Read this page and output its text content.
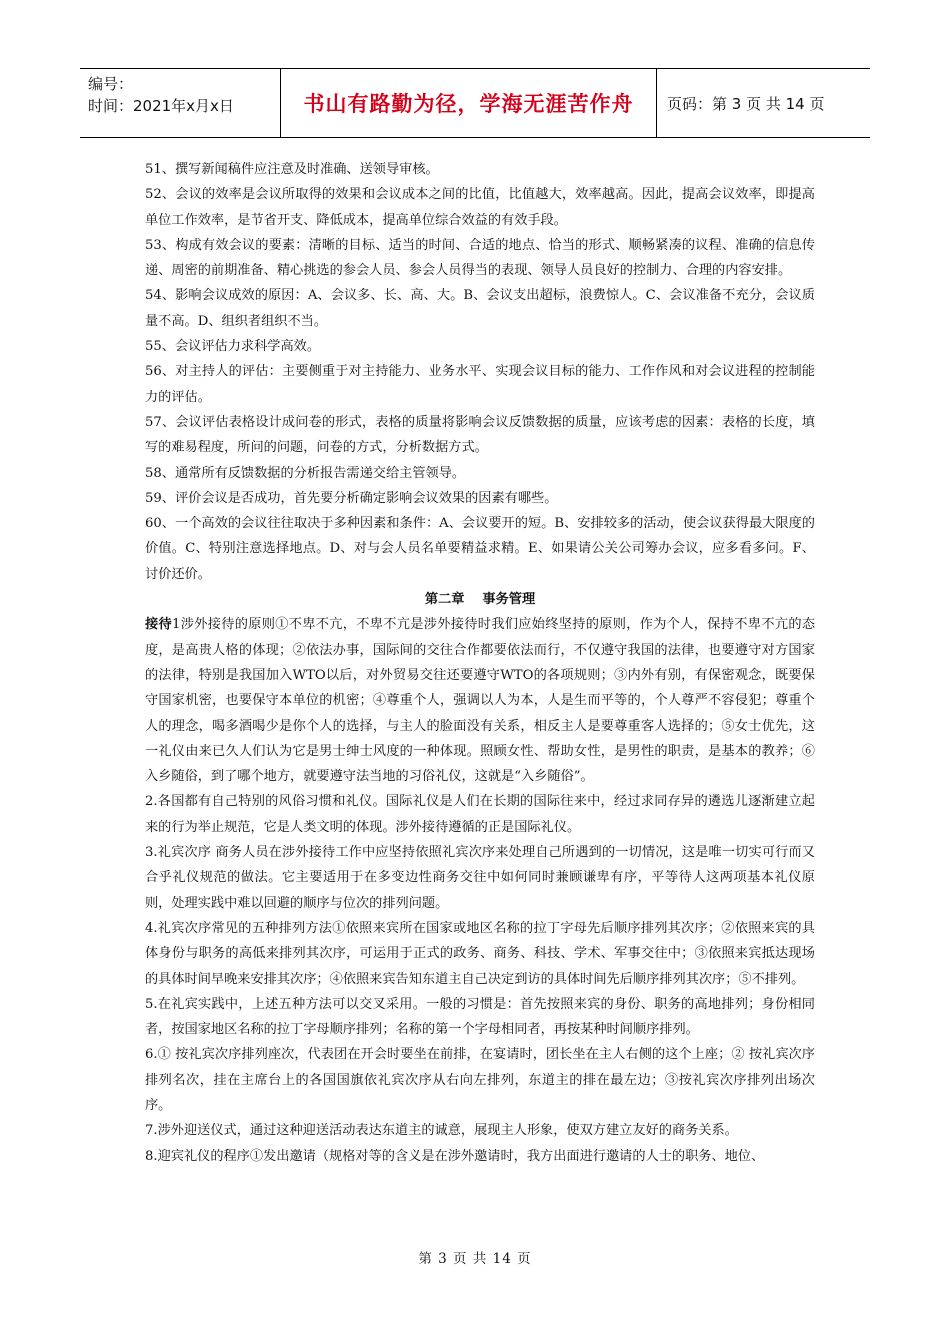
编号：
时间：2021年x月x日	书山有路勤为径，学海无涯苦作舟	页码：第 3 页 共 14 页

51、撰写新闻稿件应注意及时准确、送领导审核。

52、会议的效率是会议所取得的效果和会议成本之间的比值，比值越大，效率越高。因此，提高会议效率，即提高单位工作效率，是节省开支、降低成本，提高单位综合效益的有效手段。

53、构成有效会议的要素：清晰的目标、适当的时间、合适的地点、恰当的形式、顺畅紧凑的议程、准确的信息传递、周密的前期准备、精心挑选的参会人员、参会人员得当的表现、领导人员良好的控制力、合理的内容安排。

54、影响会议成效的原因：A、会议多、长、高、大。B、会议支出超标，浪费惊人。C、会议准备不充分，会议质量不高。D、组织者组织不当。

55、会议评估力求科学高效。

56、对主持人的评估：主要侧重于对主持能力、业务水平、实现会议目标的能力、工作作风和对会议进程的控制能力的评估。

57、会议评估表格设计成问卷的形式，表格的质量将影响会议反馈数据的质量，应该考虑的因素：表格的长度，填写的难易程度，所问的问题，问卷的方式，分析数据方式。

58、通常所有反馈数据的分析报告需递交给主管领导。

59、评价会议是否成功，首先要分析确定影响会议效果的因素有哪些。

60、一个高效的会议往往取决于多种因素和条件：A、会议要开的短。B、安排较多的活动，使会议获得最大限度的价值。C、特别注意选择地点。D、对与会人员名单要精益求精。E、如果请公关公司筹办会议，应多看多问。F、讨价还价。

第二章 事务管理

接待1涉外接待的原则①不卑不亢，不卑不亢是涉外接待时我们应始终坚持的原则，作为个人，保持不卑不亢的态度，是高贵人格的体现；②依法办事，国际间的交往合作都要依法而行，不仅遵守我国的法律，也要遵守对方国家的法律，特别是我国加入WTO以后，对外贸易交往还要遵守WTO的各项规则；③内外有别，有保密观念，既要保守国家机密，也要保守本单位的机密；④尊重个人，强调以人为本，人是生而平等的，个人尊严不容侵犯；尊重个人的理念，喝多酒喝少是你个人的选择，与主人的脸面没有关系，相反主人是要尊重客人选择的；⑤女士优先，这一礼仪由来已久人们认为它是男士绅士风度的一种体现。照顾女性、帮助女性，是男性的职责，是基本的教养；⑥入乡随俗，到了哪个地方，就要遵守法当地的习俗礼仪，这就是“入乡随俗”。

2.各国都有自己特别的风俗习惯和礼仪。国际礼仪是人们在长期的国际往来中，经过求同存异的遴选儿逐渐建立起来的行为举止规范，它是人类文明的体现。涉外接待遵循的正是国际礼仪。

3.礼宾次序 商务人员在涉外接待工作中应坚持依照礼宾次序来处理自己所遇到的一切情况，这是唯一切实可行而又合乎礼仪规范的做法。它主要适用于在多变边性商务交往中如何同时兼顾谦卑有序，平等待人这两项基本礼仪原则，处理实践中难以回避的顺序与位次的排列问题。

4.礼宾次序常见的五种排列方法①依照来宾所在国家或地区名称的拉丁字母先后顺序排列其次序；②依照来宾的具体身份与职务的高低来排列其次序，可运用于正式的政务、商务、科技、学术、军事交往中；③依照来宾抵达现场的具体时间早晚来安排其次序；④依照来宾告知东道主自己决定到访的具体时间先后顺序排列其次序；⑤不排列。

5.在礼宾实践中，上述五种方法可以交叉采用。一般的习惯是：首先按照来宾的身份、职务的高地排列；身份相同者，按国家地区名称的拉丁字母顺序排列；名称的第一个字母相同者，再按某种时间顺序排列。

6.① 按礼宾次序排列座次，代表团在开会时要坐在前排，在宴请时，团长坐在主人右侧的这个上座；② 按礼宾次序排列名次，挂在主席台上的各国国旗依礼宾次序从右向左排列，东道主的排在最左边；③按礼宾次序排列出场次序。

7.涉外迎送仪式，通过这种迎送活动表达东道主的诚意，展现主人形象，使双方建立友好的商务关系。

8.迎宾礼仪的程序①发出邀请（规格对等的含义是在涉外邀请时，我方出面进行邀请的人士的职务、地位、

第 3 页 共 14 页
